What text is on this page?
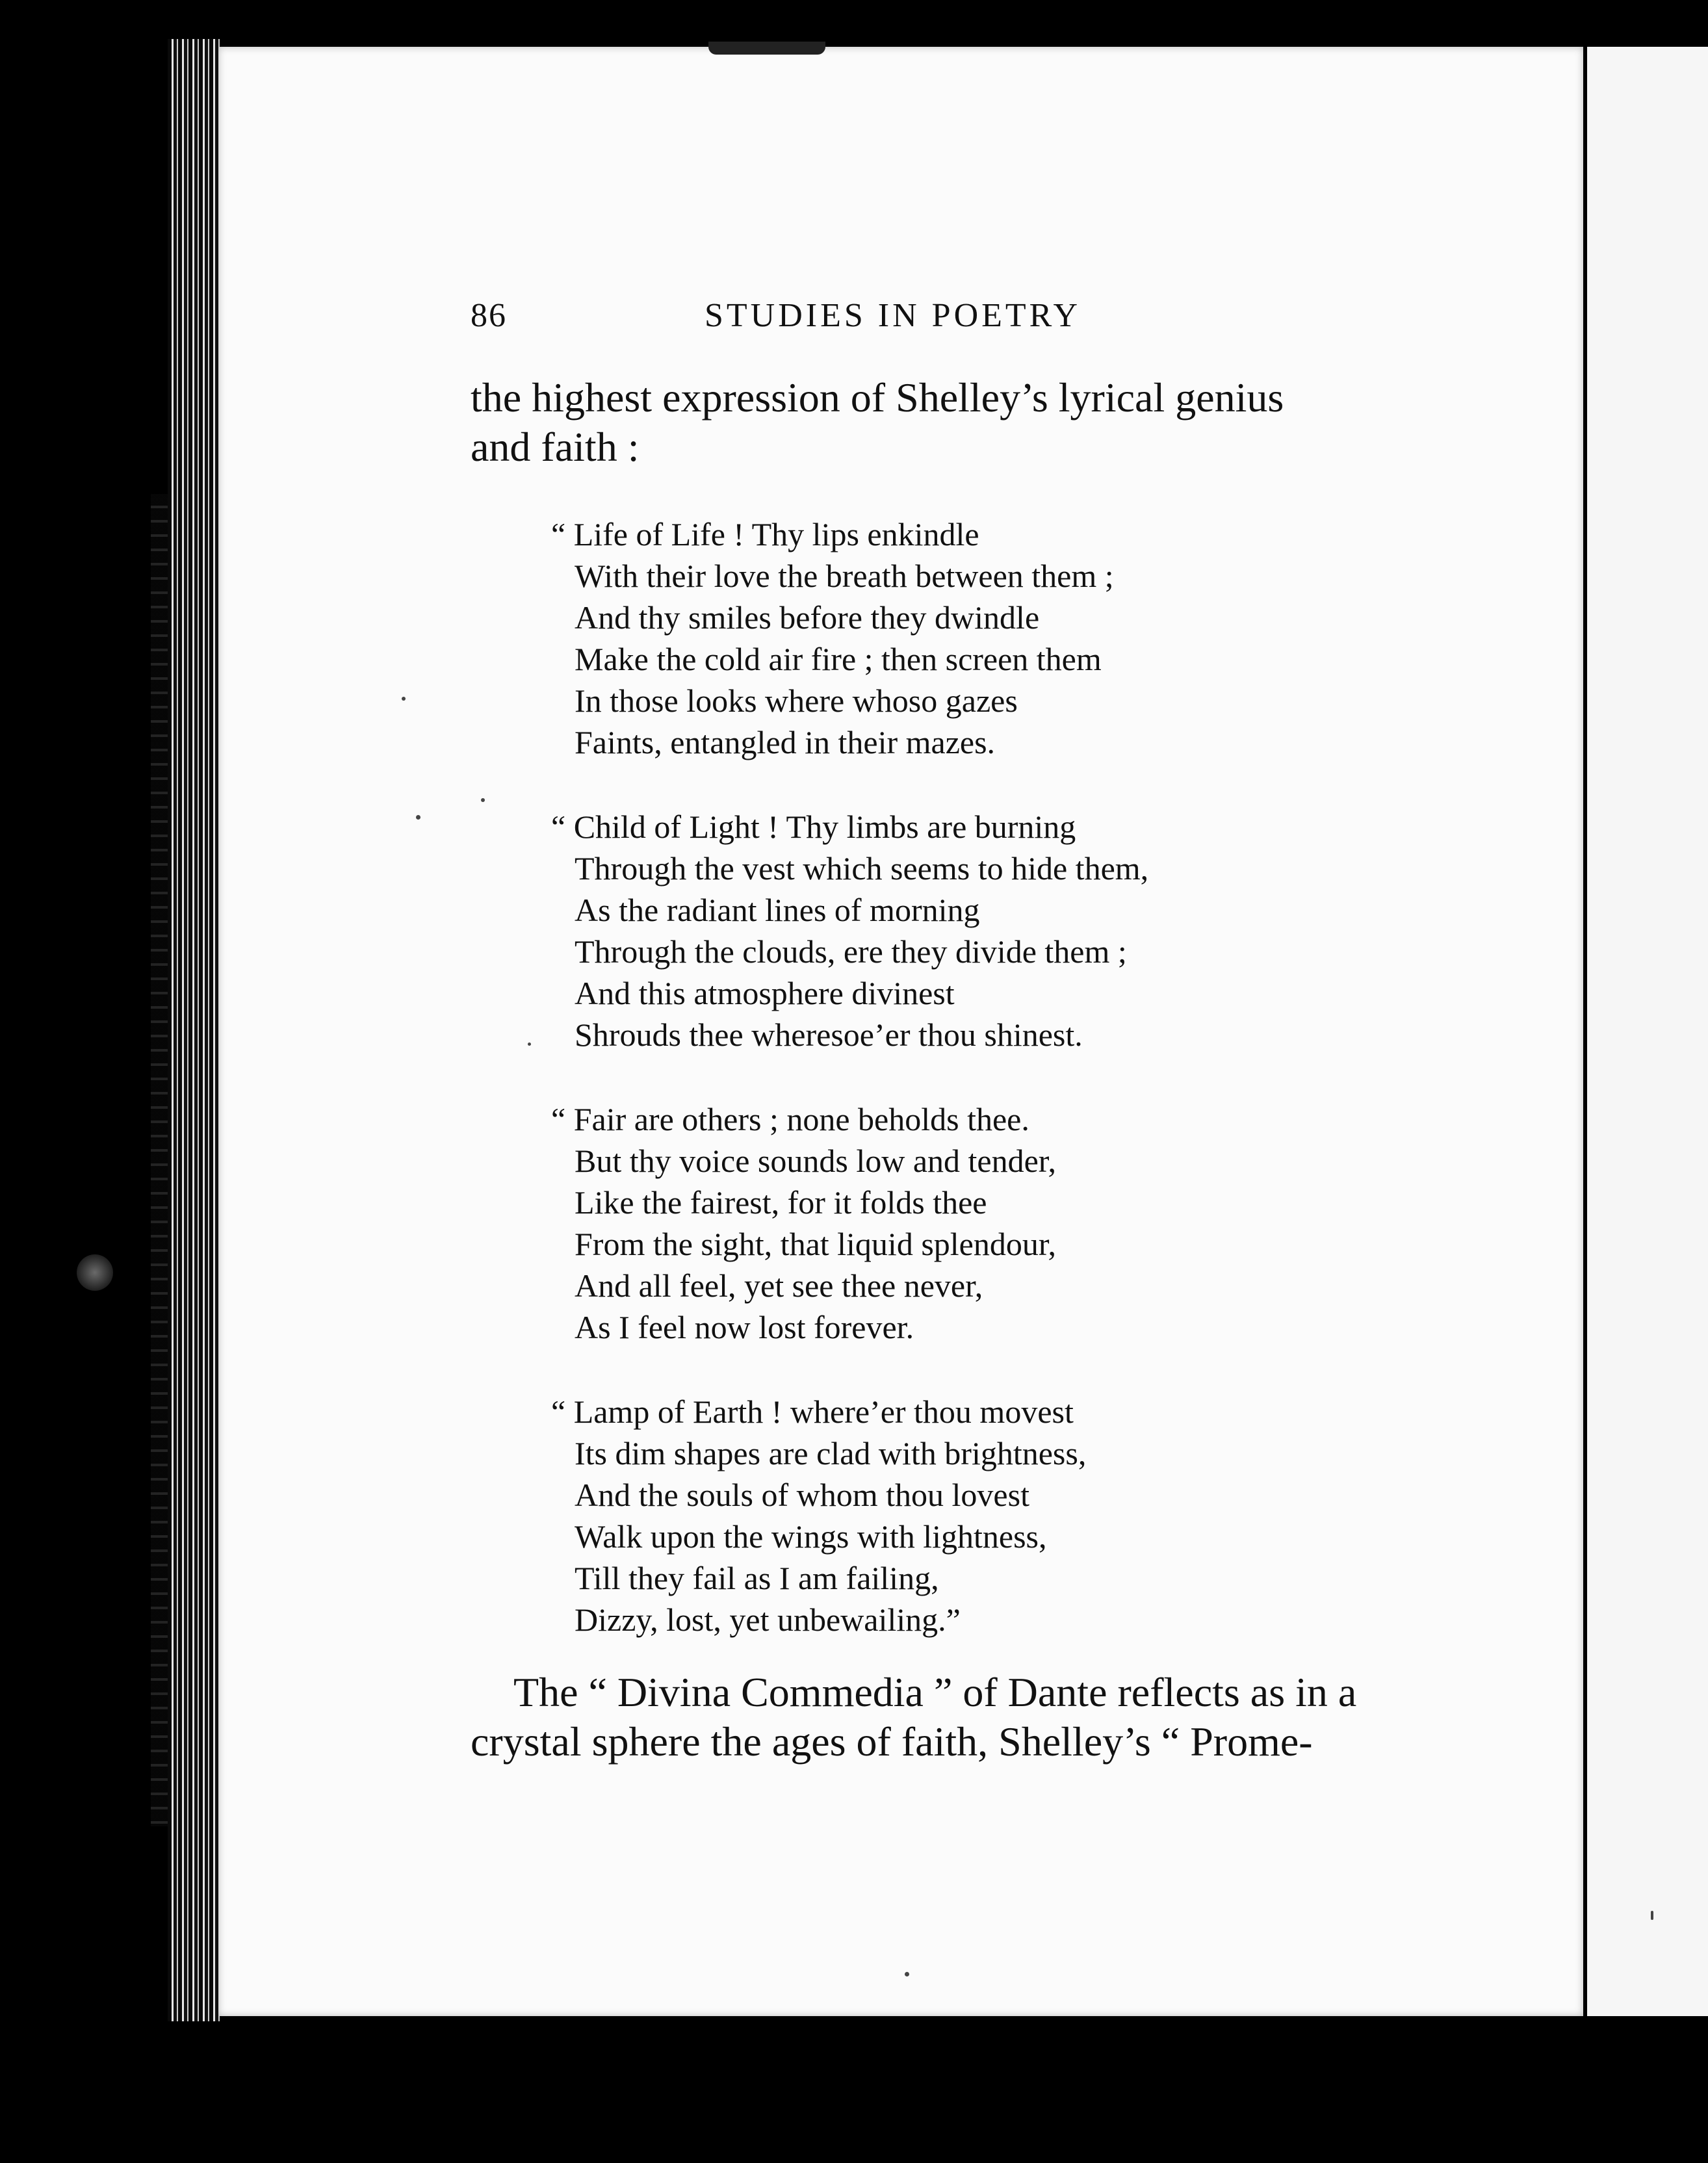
86	STUDIES IN POETRY
the highest expression of Shelley’s lyrical genius
and faith :
“ Life of Life ! Thy lips enkindle
With their love the breath between them ;
And thy smiles before they dwindle
Make the cold air fire ; then screen them
In those looks where whoso gazes
Faints, entangled in their mazes.
“ Child of Light ! Thy limbs are burning
Through the vest which seems to hide them,
As the radiant lines of morning
Through the clouds, ere they divide them ;
And this atmosphere divinest
Shrouds thee wheresoe’er thou shinest.
“ Fair are others ; none beholds thee.
But thy voice sounds low and tender,
Like the fairest, for it folds thee
From the sight, that liquid splendour,
And all feel, yet see thee never,
As I feel now lost forever.
“ Lamp of Earth ! where’er thou movest
Its dim shapes are clad with brightness,
And the souls of whom thou lovest
Walk upon the wings with lightness,
Till they fail as I am failing,
Dizzy, lost, yet unbewailing.”
The “ Divina Commedia ” of Dante reflects as in a
crystal sphere the ages of faith, Shelley’s “ Prome-
